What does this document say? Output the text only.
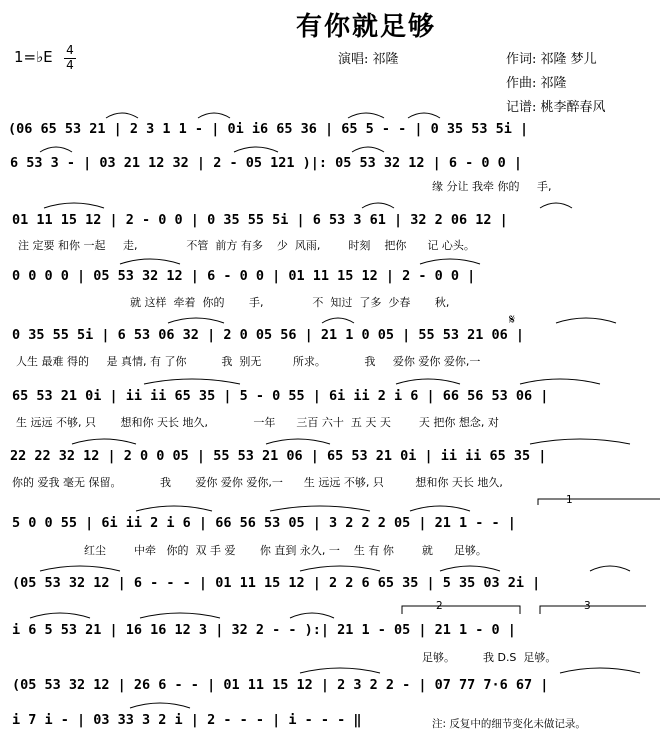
有你就足够
1=♭E 4
4	演唱: 祁隆	作词: 祁隆 梦儿
作曲: 祁隆
记谱: 桃李醉春风
(06 65 53 21 | 2 3 1 1 - | 0i i6 65 36 | 65 5 - - | 0 35 53 5i |
6 53 3 - | 03 21 12 32 | 2 - 05 121 )|: 05 53 32 12 | 6 - 0 0 |
缘 分让 我牵 你的     手,
01 11 15 12 | 2 - 0 0 | 0 35 55 5i | 6 53 3 61 | 32 2 06 12 |
注 定要 和你 一起     走,              不管  前方 有多    少  风雨,        时刻    把你      记 心头。
0 0 0 0 | 05 53 32 12 | 6 - 0 0 | 01 11 15 12 | 2 - 0 0 |
就 这样  牵着  你的       手,              不  知过  了多  少春       秋,
0 35 55 5i | 6 53 06 32 | 2 0 05 56 | 21 1 0 05 | 55 53 21 06 |
人生 最难 得的     是 真情, 有 了你          我  别无         所求。           我     爱你 爱你 爱你,一
𝄋
65 53 21 0i | ii ii 65 35 | 5 - 0 55 | 6i ii 2 i 6 | 66 56 53 06 |
生 远远 不够, 只       想和你 天长 地久,             一年      三百 六十  五 天 天        天 把你 想念, 对
22 22 32 12 | 2 0 0 05 | 55 53 21 06 | 65 53 21 0i | ii ii 65 35 |
你的 爱我 毫无 保留。           我       爱你 爱你 爱你,一      生 远远 不够, 只         想和你 天长 地久,
1
5 0 0 55 | 6i ii 2 i 6 | 66 56 53 05 | 3 2 2 2 05 | 21 1 - - |
红尘        中牵   你的  双 手 爱       你 直到 永久, 一    生 有 你        就      足够。
(05 53 32 12 | 6 - - - | 01 11 15 12 | 2 2 6 65 35 | 5 35 03 2i |
2	3
i 6 5 53 21 | 16 16 12 3 | 32 2 - - ):| 21 1 - 05 | 21 1 - 0 |
足够。        我 D.S  足够。
(05 53 32 12 | 26 6 - - | 01 11 15 12 | 2 3 2 2 - | 07 77 7·6 67 |
i 7 i - | 03 33 3 2 i | 2 - - - | i - - - ‖	注: 反复中的细节变化未做记录。
